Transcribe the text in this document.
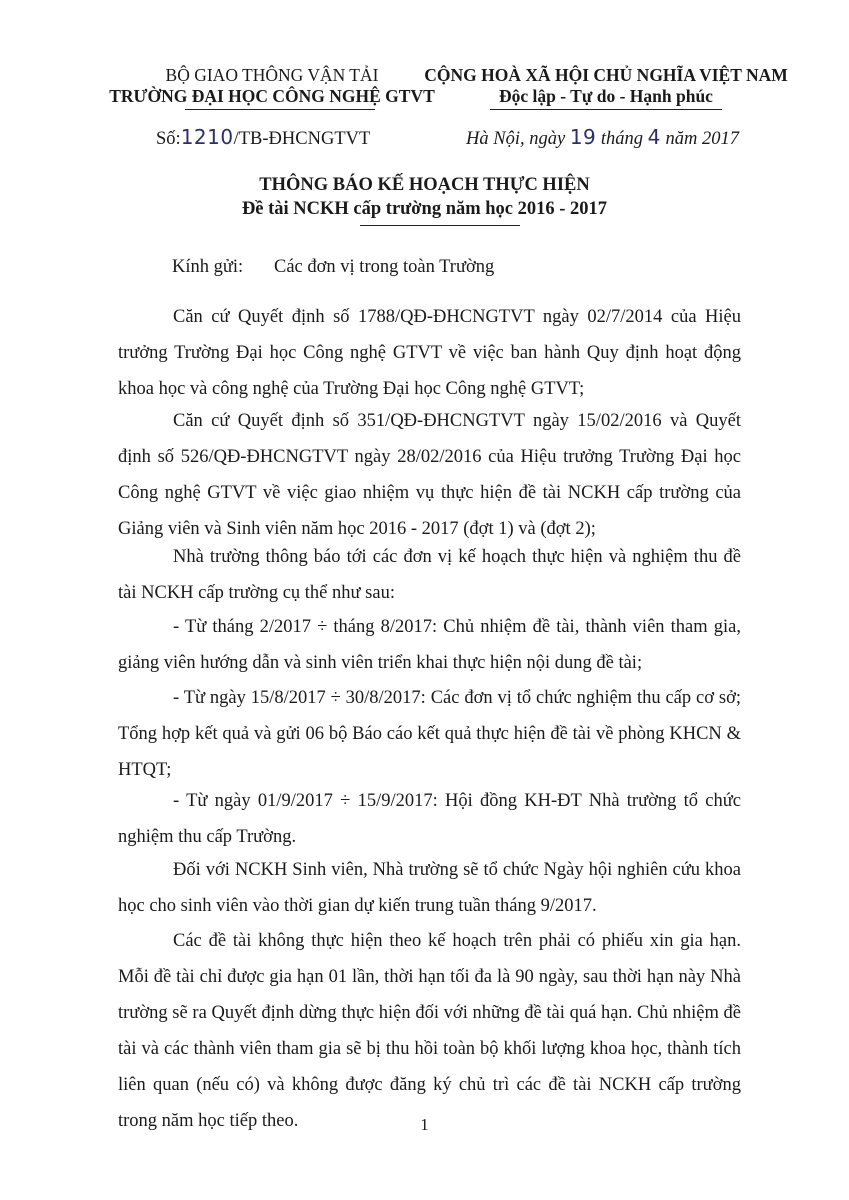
BỘ GIAO THÔNG VẬN TẢI
TRƯỜNG ĐẠI HỌC CÔNG NGHỆ GTVT
CỘNG HOÀ XÃ HỘI CHỦ NGHĨA VIỆT NAM
Độc lập - Tự do - Hạnh phúc
Số:1210/TB-ĐHCNGTVT	Hà Nội, ngày 19 tháng 4 năm 2017
THÔNG BÁO KẾ HOẠCH THỰC HIỆN
Đề tài NCKH cấp trường năm học 2016 - 2017
Kính gửi: Các đơn vị trong toàn Trường

Căn cứ Quyết định số 1788/QĐ-ĐHCNGTVT ngày 02/7/2014 của Hiệu trưởng Trường Đại học Công nghệ GTVT về việc ban hành Quy định hoạt động khoa học và công nghệ của Trường Đại học Công nghệ GTVT;

Căn cứ Quyết định số 351/QĐ-ĐHCNGTVT ngày 15/02/2016 và Quyết định số 526/QĐ-ĐHCNGTVT ngày 28/02/2016 của Hiệu trưởng Trường Đại học Công nghệ GTVT về việc giao nhiệm vụ thực hiện đề tài NCKH cấp trường của Giảng viên và Sinh viên năm học 2016 - 2017 (đợt 1) và (đợt 2);

Nhà trường thông báo tới các đơn vị kế hoạch thực hiện và nghiệm thu đề tài NCKH cấp trường cụ thể như sau:

- Từ tháng 2/2017 ÷ tháng 8/2017: Chủ nhiệm đề tài, thành viên tham gia, giảng viên hướng dẫn và sinh viên triển khai thực hiện nội dung đề tài;

- Từ ngày 15/8/2017 ÷ 30/8/2017: Các đơn vị tổ chức nghiệm thu cấp cơ sở; Tổng hợp kết quả và gửi 06 bộ Báo cáo kết quả thực hiện đề tài về phòng KHCN & HTQT;

- Từ ngày 01/9/2017 ÷ 15/9/2017: Hội đồng KH-ĐT Nhà trường tổ chức nghiệm thu cấp Trường.

Đối với NCKH Sinh viên, Nhà trường sẽ tổ chức Ngày hội nghiên cứu khoa học cho sinh viên vào thời gian dự kiến trung tuần tháng 9/2017.

Các đề tài không thực hiện theo kế hoạch trên phải có phiếu xin gia hạn. Mỗi đề tài chỉ được gia hạn 01 lần, thời hạn tối đa là 90 ngày, sau thời hạn này Nhà trường sẽ ra Quyết định dừng thực hiện đối với những đề tài quá hạn. Chủ nhiệm đề tài và các thành viên tham gia sẽ bị thu hồi toàn bộ khối lượng khoa học, thành tích liên quan (nếu có) và không được đăng ký chủ trì các đề tài NCKH cấp trường trong năm học tiếp theo.	1
